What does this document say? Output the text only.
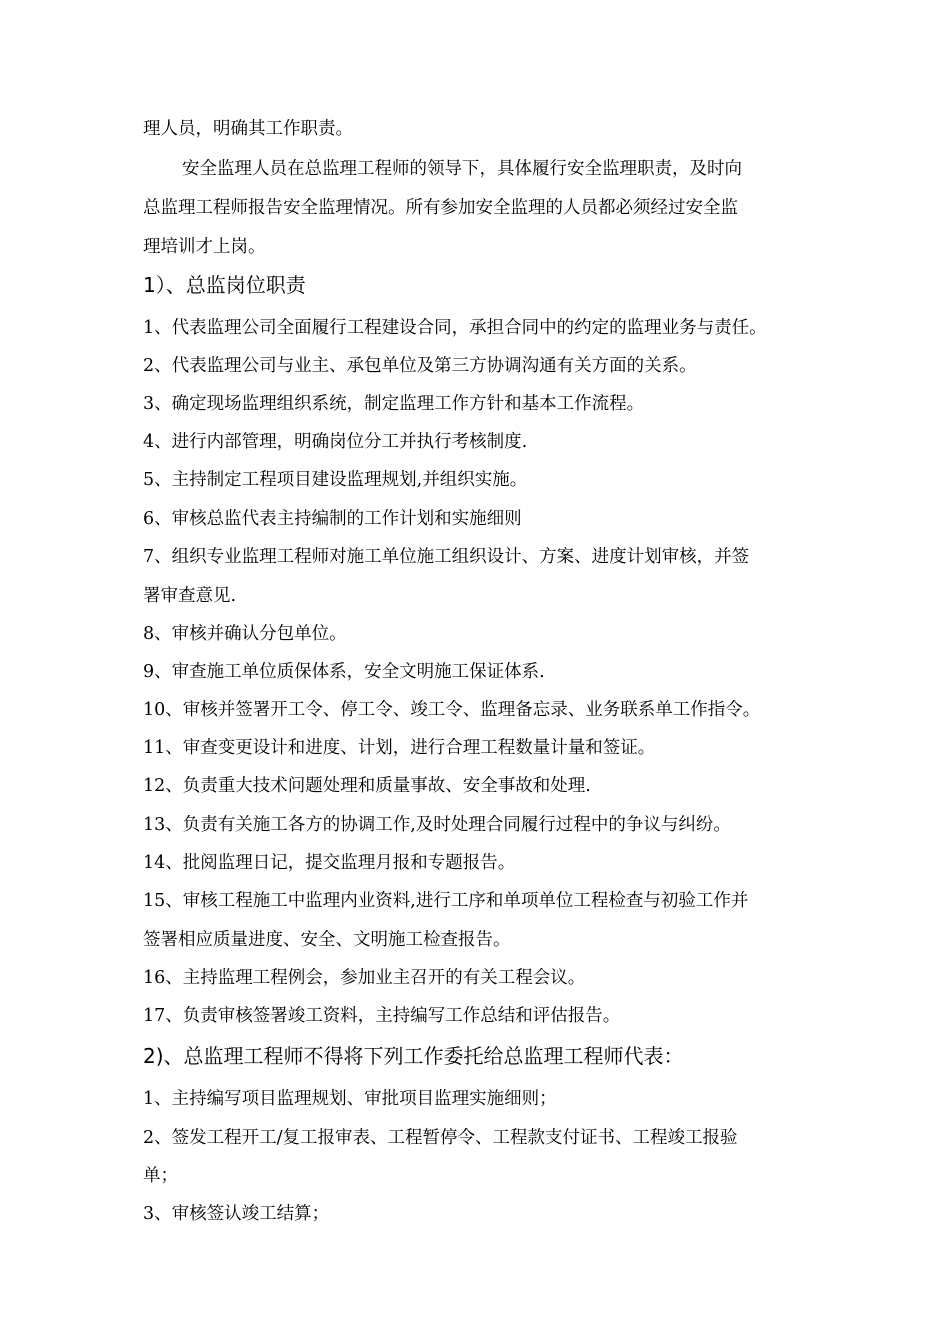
理人员，明确其工作职责。
安全监理人员在总监理工程师的领导下，具体履行安全监理职责，及时向
总监理工程师报告安全监理情况。所有参加安全监理的人员都必须经过安全监
理培训才上岗。
1）、总监岗位职责
1、代表监理公司全面履行工程建设合同，承担合同中的约定的监理业务与责任。
2、代表监理公司与业主、承包单位及第三方协调沟通有关方面的关系。
3、确定现场监理组织系统，制定监理工作方针和基本工作流程。
4、进行内部管理，明确岗位分工并执行考核制度.
5、主持制定工程项目建设监理规划,并组织实施。
6、审核总监代表主持编制的工作计划和实施细则
7、组织专业监理工程师对施工单位施工组织设计、方案、进度计划审核，并签
署审查意见.
8、审核并确认分包单位。
9、审查施工单位质保体系，安全文明施工保证体系.
10、审核并签署开工令、停工令、竣工令、监理备忘录、业务联系单工作指令。
11、审查变更设计和进度、计划，进行合理工程数量计量和签证。
12、负责重大技术问题处理和质量事故、安全事故和处理.
13、负责有关施工各方的协调工作,及时处理合同履行过程中的争议与纠纷。
14、批阅监理日记，提交监理月报和专题报告。
15、审核工程施工中监理内业资料,进行工序和单项单位工程检查与初验工作并
签署相应质量进度、安全、文明施工检查报告。
16、主持监理工程例会，参加业主召开的有关工程会议。
17、负责审核签署竣工资料，主持编写工作总结和评估报告。
2)、总监理工程师不得将下列工作委托给总监理工程师代表：
1、主持编写项目监理规划、审批项目监理实施细则；
2、签发工程开工/复工报审表、工程暂停令、工程款支付证书、工程竣工报验
单；
3、审核签认竣工结算；
